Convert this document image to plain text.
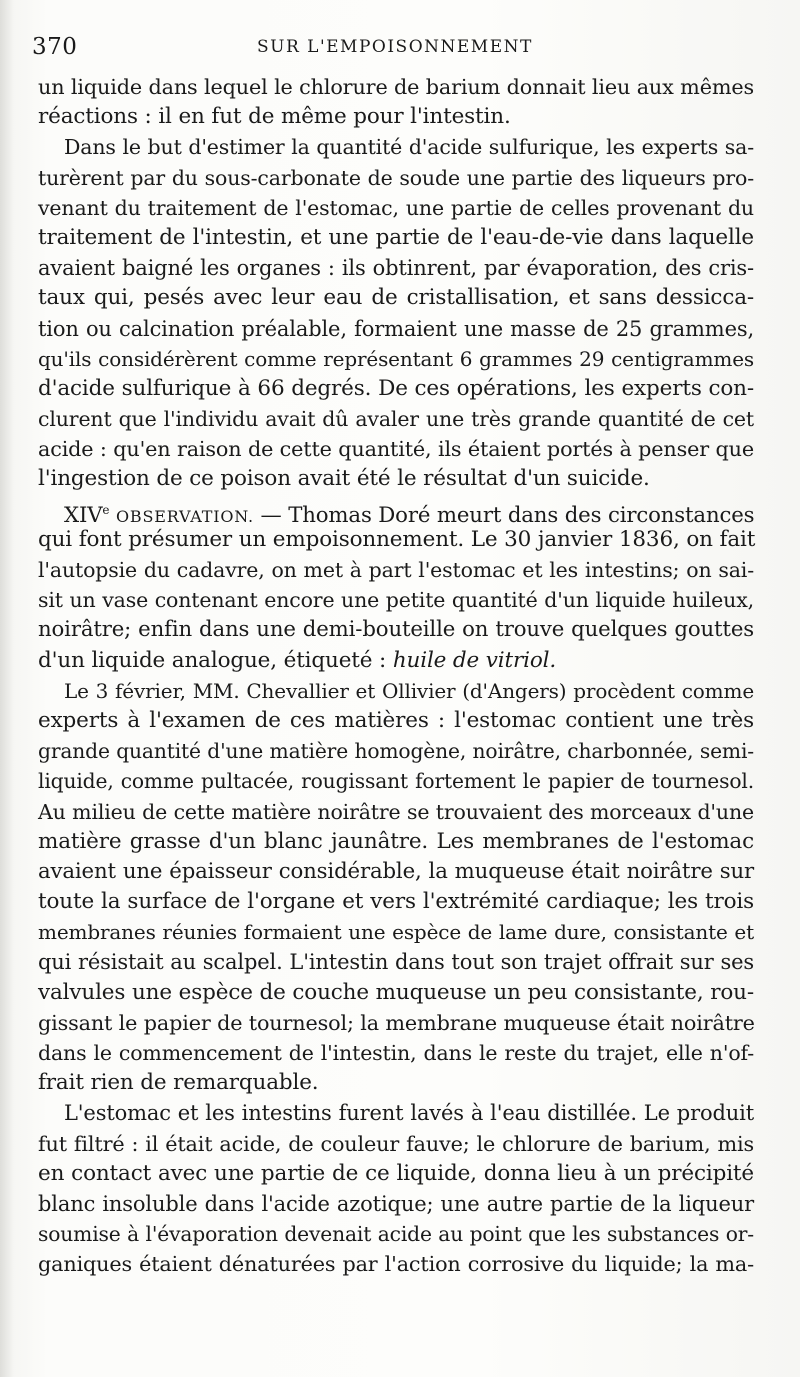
370	SUR L'EMPOISONNEMENT
un liquide dans lequel le chlorure de barium donnait lieu aux mêmes
réactions : il en fut de même pour l'intestin.
Dans le but d'estimer la quantité d'acide sulfurique, les experts sa-
turèrent par du sous-carbonate de soude une partie des liqueurs pro-
venant du traitement de l'estomac, une partie de celles provenant du
traitement de l'intestin, et une partie de l'eau-de-vie dans laquelle
avaient baigné les organes : ils obtinrent, par évaporation, des cris-
taux qui, pesés avec leur eau de cristallisation, et sans dessicca-
tion ou calcination préalable, formaient une masse de 25 grammes,
qu'ils considérèrent comme représentant 6 grammes 29 centigrammes
d'acide sulfurique à 66 degrés. De ces opérations, les experts con-
clurent que l'individu avait dû avaler une très grande quantité de cet
acide : qu'en raison de cette quantité, ils étaient portés à penser que
l'ingestion de ce poison avait été le résultat d'un suicide.
XIVe OBSERVATION. — Thomas Doré meurt dans des circonstances
qui font présumer un empoisonnement. Le 30 janvier 1836, on fait
l'autopsie du cadavre, on met à part l'estomac et les intestins; on sai-
sit un vase contenant encore une petite quantité d'un liquide huileux,
noirâtre; enfin dans une demi-bouteille on trouve quelques gouttes
d'un liquide analogue, étiqueté : huile de vitriol.
Le 3 février, MM. Chevallier et Ollivier (d'Angers) procèdent comme
experts à l'examen de ces matières : l'estomac contient une très
grande quantité d'une matière homogène, noirâtre, charbonnée, semi-
liquide, comme pultacée, rougissant fortement le papier de tournesol.
Au milieu de cette matière noirâtre se trouvaient des morceaux d'une
matière grasse d'un blanc jaunâtre. Les membranes de l'estomac
avaient une épaisseur considérable, la muqueuse était noirâtre sur
toute la surface de l'organe et vers l'extrémité cardiaque; les trois
membranes réunies formaient une espèce de lame dure, consistante et
qui résistait au scalpel. L'intestin dans tout son trajet offrait sur ses
valvules une espèce de couche muqueuse un peu consistante, rou-
gissant le papier de tournesol; la membrane muqueuse était noirâtre
dans le commencement de l'intestin, dans le reste du trajet, elle n'of-
frait rien de remarquable.
L'estomac et les intestins furent lavés à l'eau distillée. Le produit
fut filtré : il était acide, de couleur fauve; le chlorure de barium, mis
en contact avec une partie de ce liquide, donna lieu à un précipité
blanc insoluble dans l'acide azotique; une autre partie de la liqueur
soumise à l'évaporation devenait acide au point que les substances or-
ganiques étaient dénaturées par l'action corrosive du liquide; la ma-
